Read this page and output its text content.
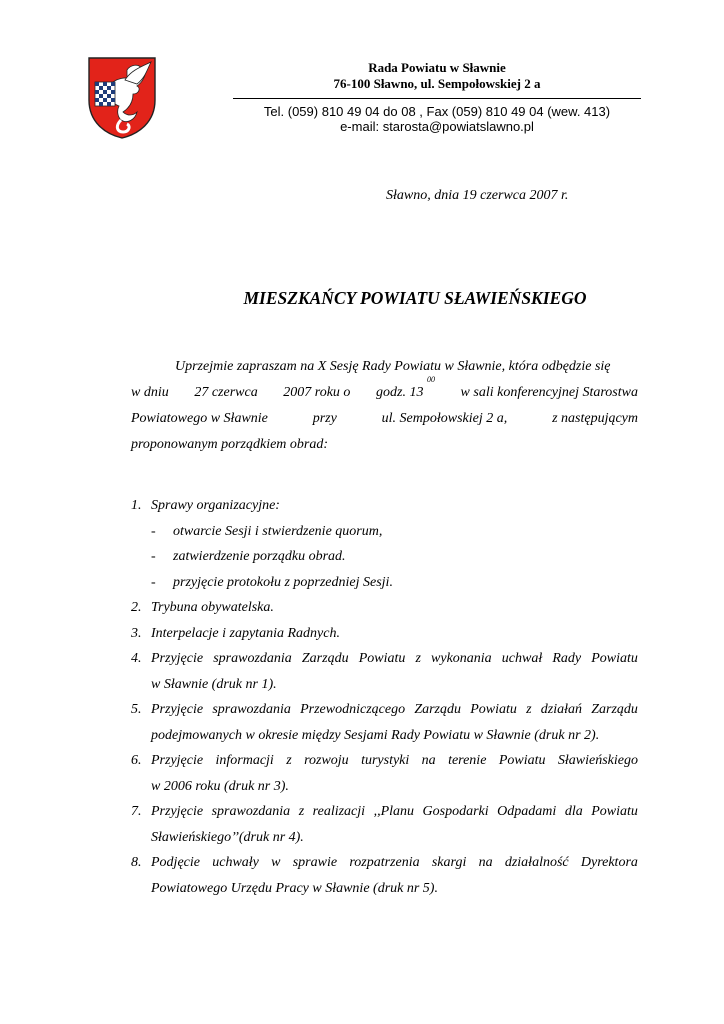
Rada Powiatu w Sławnie
76-100 Sławno, ul. Sempołowskiej 2 a
Tel. (059) 810 49 04 do 08 , Fax (059) 810 49 04 (wew. 413)
e-mail: starosta@powiatslawno.pl
Sławno, dnia 19 czerwca 2007 r.
MIESZKAŃCY POWIATU SŁAWIEŃSKIEGO
Uprzejmie zapraszam na X Sesję Rady Powiatu w Sławnie, która odbędzie się
w dniu 27 czerwca 2007 roku o godz. 13 $^{00}$
w sali konferencyjnej Starostwa
Powiatowego w Sławnie	przy	ul. Sempołowskiej 2 a,	z następującym
proponowanym porządkiem obrad:
1. Sprawy organizacyjne:
-	otwarcie Sesji i stwierdzenie quorum,
-	zatwierdzenie porządku obrad.
-	przyjęcie protokołu z poprzedniej Sesji.
2. Trybuna obywatelska.
3. Interpelacje i zapytania Radnych.
4. Przyjęcie sprawozdania Zarządu Powiatu z wykonania uchwał Rady Powiatu
w Sławnie (druk nr 1).
5. Przyjęcie sprawozdania Przewodniczącego Zarządu Powiatu z działań Zarządu
podejmowanych w okresie między Sesjami Rady Powiatu w Sławnie (druk nr 2).
6. Przyjęcie informacji z rozwoju turystyki na terenie Powiatu Sławieńskiego
w 2006 roku (druk nr 3).
7. Przyjęcie sprawozdania z realizacji ,,Planu Gospodarki Odpadami dla Powiatu
Sławieńskiego’’(druk nr 4).
8. Podjęcie uchwały w sprawie rozpatrzenia skargi na działalność Dyrektora
Powiatowego Urzędu Pracy w Sławnie (druk nr 5).
